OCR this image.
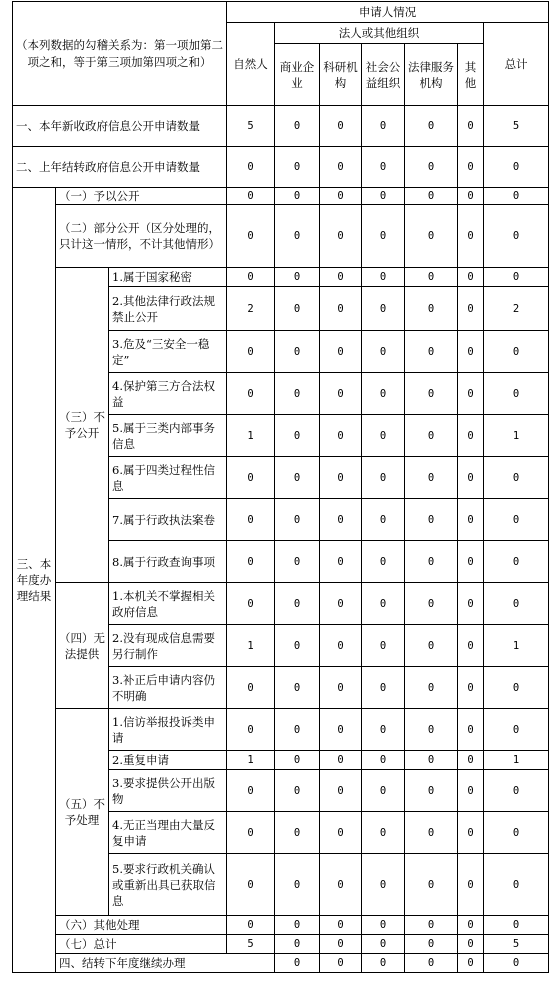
（本列数据的勾稽关系为：第一项加第二项之和，等于第三项加第四项之和）			申请人情况							
			自然人	法人或其他组织					总计	
				商业企业	科研机构	社会公益组织	法律服务机构	其他		
一、本年新收政府信息公开申请数量			5	0	0	0	0	0	5	
二、上年结转政府信息公开申请数量			0	0	0	0	0	0	0	
三、本年度办理结果	（一）予以公开		0	0	0	0	0	0	0	
	（二）部分公开（区分处理的，只计这一情形，不计其他情形）		0	0	0	0	0	0	0	
	（三）不予公开	1.属于国家秘密	0	0	0	0	0	0	0	
		2.其他法律行政法规禁止公开	2	0	0	0	0	0	2	
		3.危及“三安全一稳定”	0	0	0	0	0	0	0	
		4.保护第三方合法权益	0	0	0	0	0	0	0	
		5.属于三类内部事务信息	1	0	0	0	0	0	1	
		6.属于四类过程性信息	0	0	0	0	0	0	0	
		7.属于行政执法案卷	0	0	0	0	0	0	0	
		8.属于行政查询事项	0	0	0	0	0	0	0	
	（四）无法提供	1.本机关不掌握相关政府信息	0	0	0	0	0	0	0	
		2.没有现成信息需要另行制作	1	0	0	0	0	0	1	
		3.补正后申请内容仍不明确	0	0	0	0	0	0	0	
	（五）不予处理	1.信访举报投诉类申请	0	0	0	0	0	0	0	
		2.重复申请	1	0	0	0	0	0	1	
		3.要求提供公开出版物	0	0	0	0	0	0	0	
		4.无正当理由大量反复申请	0	0	0	0	0	0	0	
		5.要求行政机关确认或重新出具已获取信息	0	0	0	0	0	0	0	
	（六）其他处理		0	0	0	0	0	0	0	
	（七）总计		5	0	0	0	0	0	5	
	四、结转下年度继续办理			0	0	0	0	0	0	
